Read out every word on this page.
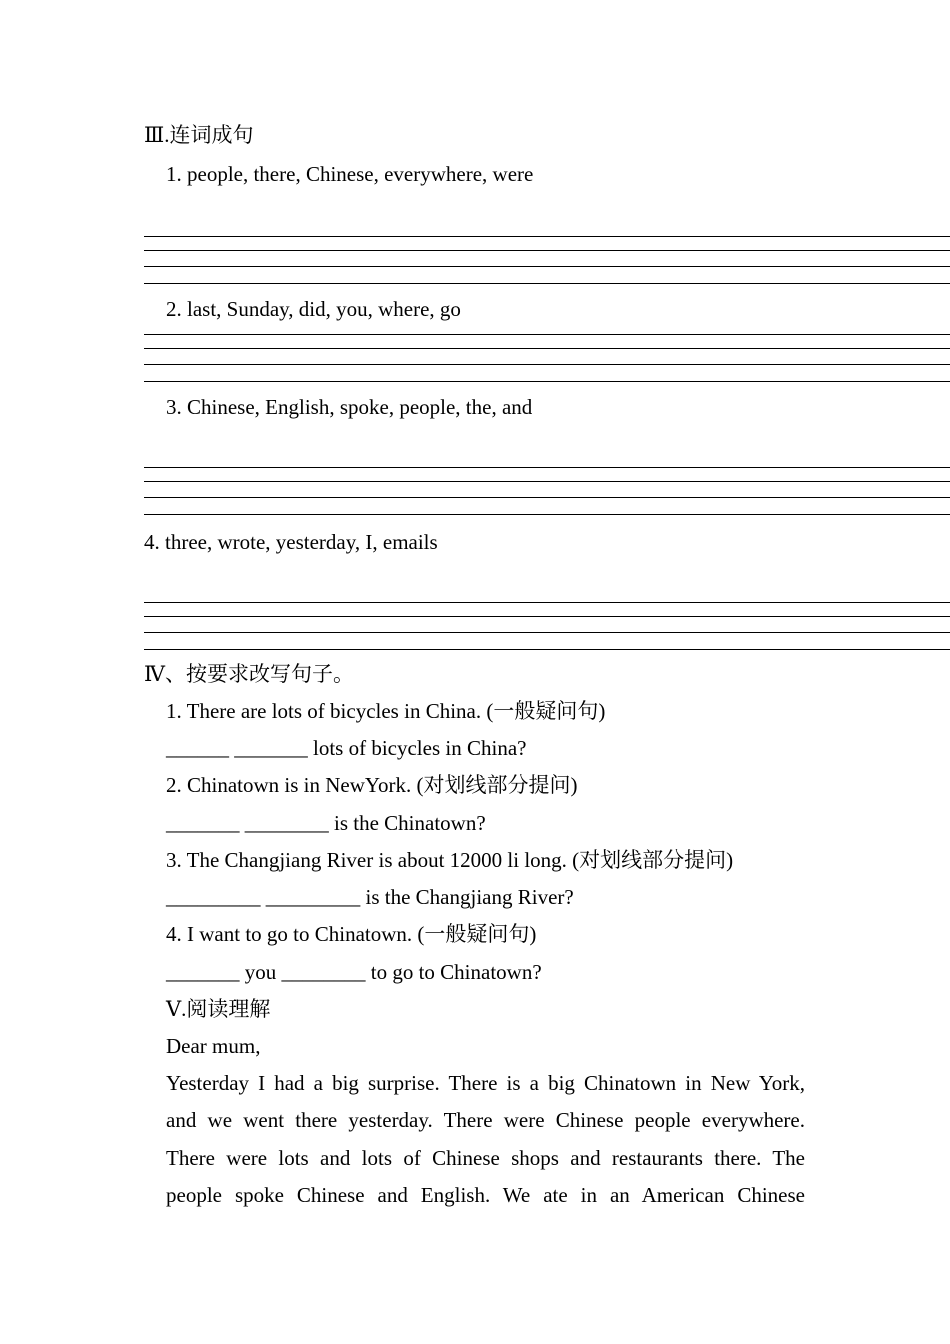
Ⅲ.连词成句
1. people, there, Chinese, everywhere, were
2. last, Sunday, did, you, where, go
3. Chinese, English, spoke, people, the, and
4. three, wrote, yesterday, I, emails
Ⅳ、按要求改写句子。
1. There are lots of bicycles in China. (一般疑问句)
______ _______ lots of bicycles in China?
2. Chinatown is in NewYork. (对划线部分提问)
_______ ________ is the Chinatown?
3. The Changjiang River is about 12000 li long. (对划线部分提问)
_________ _________ is the Changjiang River?
4. I want to go to Chinatown. (一般疑问句)
_______ you ________ to go to Chinatown?
Ⅴ.阅读理解
Dear mum,
Yesterday I had a big surprise. There is a big Chinatown in New York,
and we went there yesterday. There were Chinese people everywhere.
There were lots and lots of Chinese shops and restaurants there. The
people spoke Chinese and English. We ate in an American Chinese
